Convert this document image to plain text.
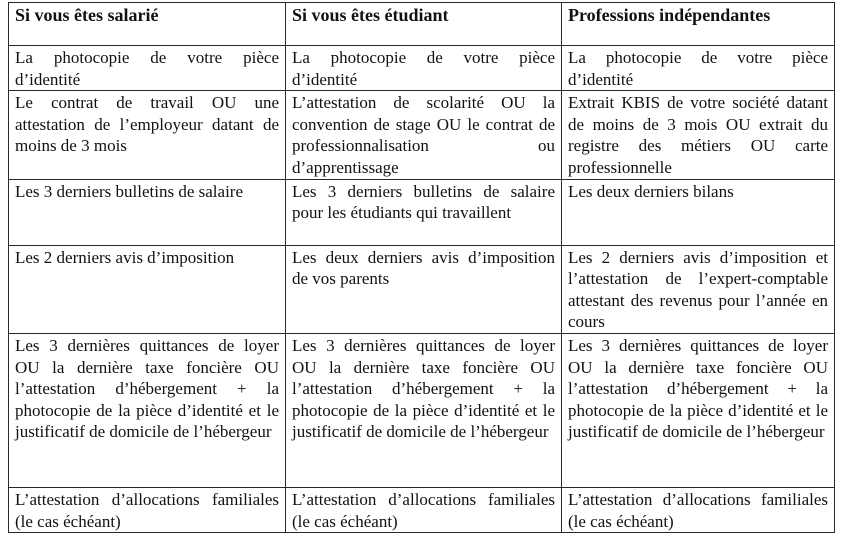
Si vous êtes salarié	Si vous êtes étudiant	Professions indépendantes
La photocopie de votre pièce d’identité	La photocopie de votre pièce d’identité	La photocopie de votre pièce d’identité
Le contrat de travail OU une attestation de l’employeur datant de moins de 3 mois	L’attestation de scolarité OU la convention de stage OU le contrat de professionnalisation ou d’apprentissage	Extrait KBIS de votre société datant de moins de 3 mois OU extrait du registre des métiers OU carte professionnelle
Les 3 derniers bulletins de salaire	Les 3 derniers bulletins de salaire pour les étudiants qui travaillent	Les deux derniers bilans
Les 2 derniers avis d’imposition	Les deux derniers avis d’imposition de vos parents	Les 2 derniers avis d’imposition et l’attestation de l’expert-comptable attestant des revenus pour l’année en cours
Les 3 dernières quittances de loyer OU la dernière taxe foncière OU l’attestation d’hébergement + la photocopie de la pièce d’identité et le justificatif de domicile de l’hébergeur	Les 3 dernières quittances de loyer OU la dernière taxe foncière OU l’attestation d’hébergement + la photocopie de la pièce d’identité et le justificatif de domicile de l’hébergeur	Les 3 dernières quittances de loyer OU la dernière taxe foncière OU l’attestation d’hébergement + la photocopie de la pièce d’identité et le justificatif de domicile de l’hébergeur
L’attestation d’allocations familiales (le cas échéant)	L’attestation d’allocations familiales (le cas échéant)	L’attestation d’allocations familiales (le cas échéant)
